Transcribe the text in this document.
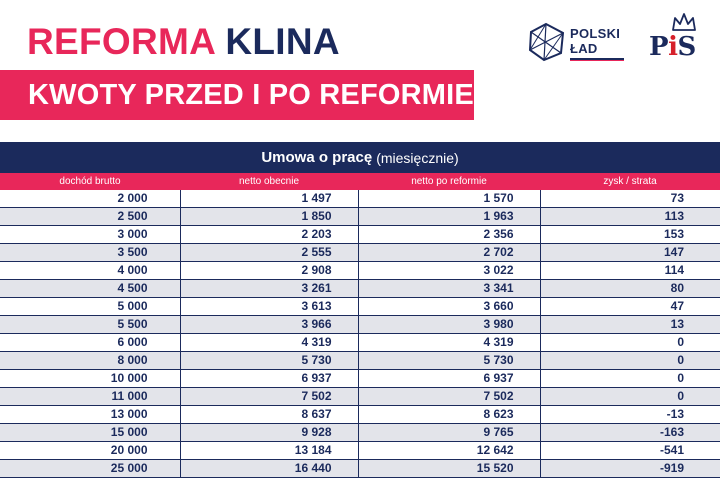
REFORMA KLINA
KWOTY PRZED I PO REFORMIE
POLSKI
ŁAD PiS
Umowa o pracę (miesięcznie)
dochód brutto	netto obecnie	netto po reformie	zysk / strata
2 000	1 497	1 570	73
2 500	1 850	1 963	113
3 000	2 203	2 356	153
3 500	2 555	2 702	147
4 000	2 908	3 022	114
4 500	3 261	3 341	80
5 000	3 613	3 660	47
5 500	3 966	3 980	13
6 000	4 319	4 319	0
8 000	5 730	5 730	0
10 000	6 937	6 937	0
11 000	7 502	7 502	0
13 000	8 637	8 623	-13
15 000	9 928	9 765	-163
20 000	13 184	12 642	-541
25 000	16 440	15 520	-919
